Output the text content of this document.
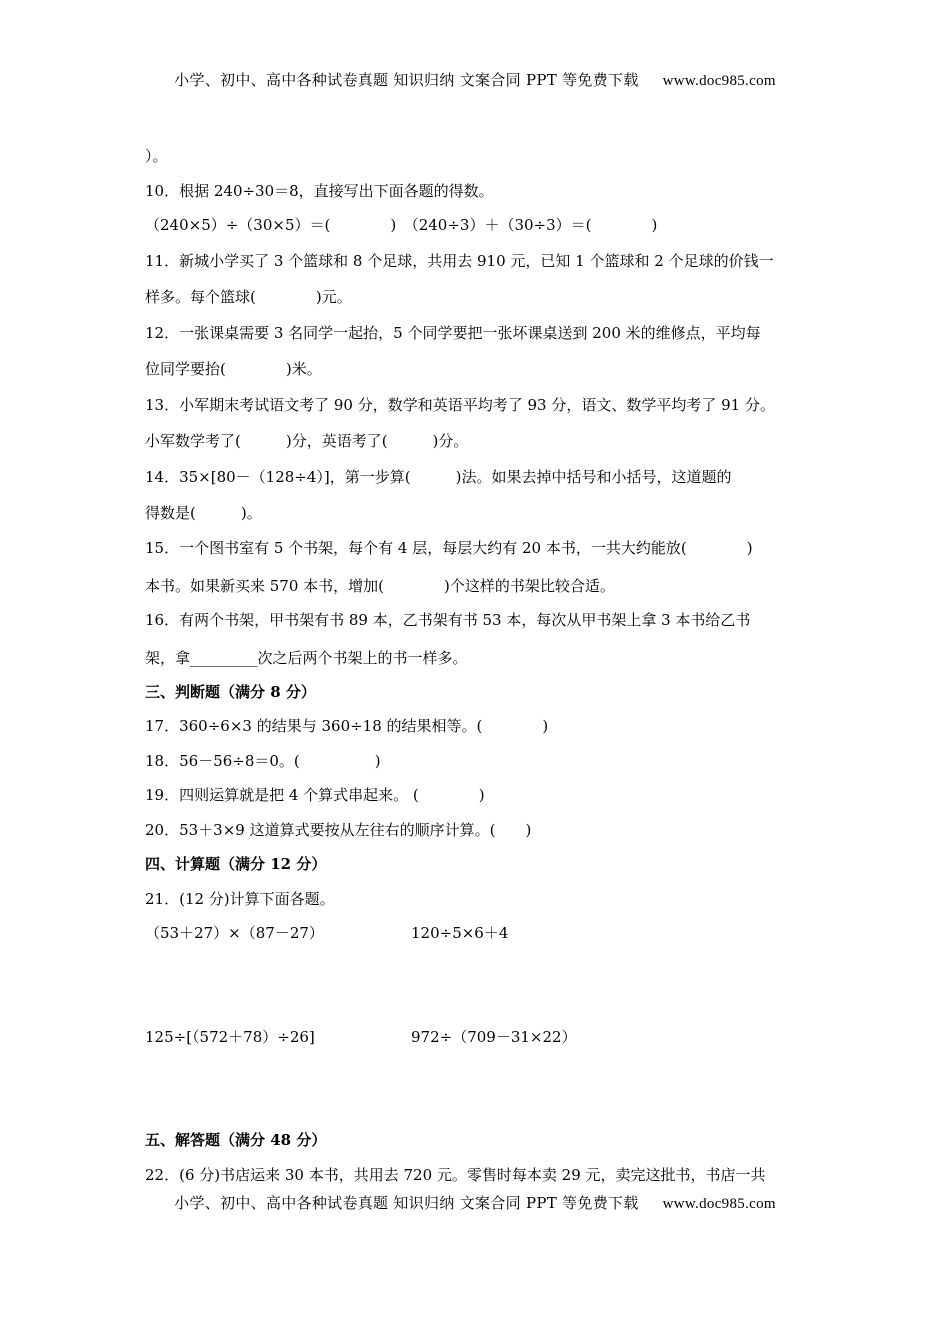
小学、初中、高中各种试卷真题 知识归纳 文案合同 PPT 等免费下载 www.doc985.com
）。
10．根据 240÷30＝8，直接写出下面各题的得数。
（240×5）÷（30×5）＝(　　　　)　（240÷3）＋（30÷3）＝(　　　　)
11．新城小学买了 3 个篮球和 8 个足球，共用去 910 元，已知 1 个篮球和 2 个足球的价钱一
样多。每个篮球(　　　　)元。
12．一张课桌需要 3 名同学一起抬，5 个同学要把一张坏课桌送到 200 米的维修点，平均每
位同学要抬(　　　　)米。
13．小军期末考试语文考了 90 分，数学和英语平均考了 93 分，语文、数学平均考了 91 分。
小军数学考了(　　　)分，英语考了(　　　)分。
14．35×[80－（128÷4）]，第一步算(　　　)法。如果去掉中括号和小括号，这道题的
得数是(　　　)。
15．一个图书室有 5 个书架，每个有 4 层，每层大约有 20 本书，一共大约能放(　　　　)
本书。如果新买来 570 本书，增加(　　　　)个这样的书架比较合适。
16．有两个书架，甲书架有书 89 本，乙书架有书 53 本，每次从甲书架上拿 3 本书给乙书
架，拿_________次之后两个书架上的书一样多。
三、判断题（满分 8 分）
17．360÷6×3 的结果与 360÷18 的结果相等。(　　　　)
18．56－56÷8＝0。(　　　　　)
19．四则运算就是把 4 个算式串起来。 (　　　　)
20．53＋3×9 这道算式要按从左往右的顺序计算。(　　)
四、计算题（满分 12 分）
21．(12 分)计算下面各题。
（53＋27）×（87－27）	120÷5×6＋4
125÷[（572＋78）÷26]	972÷（709－31×22）
五、解答题（满分 48 分）
22．(6 分)书店运来 30 本书，共用去 720 元。零售时每本卖 29 元，卖完这批书，书店一共
小学、初中、高中各种试卷真题 知识归纳 文案合同 PPT 等免费下载 www.doc985.com
